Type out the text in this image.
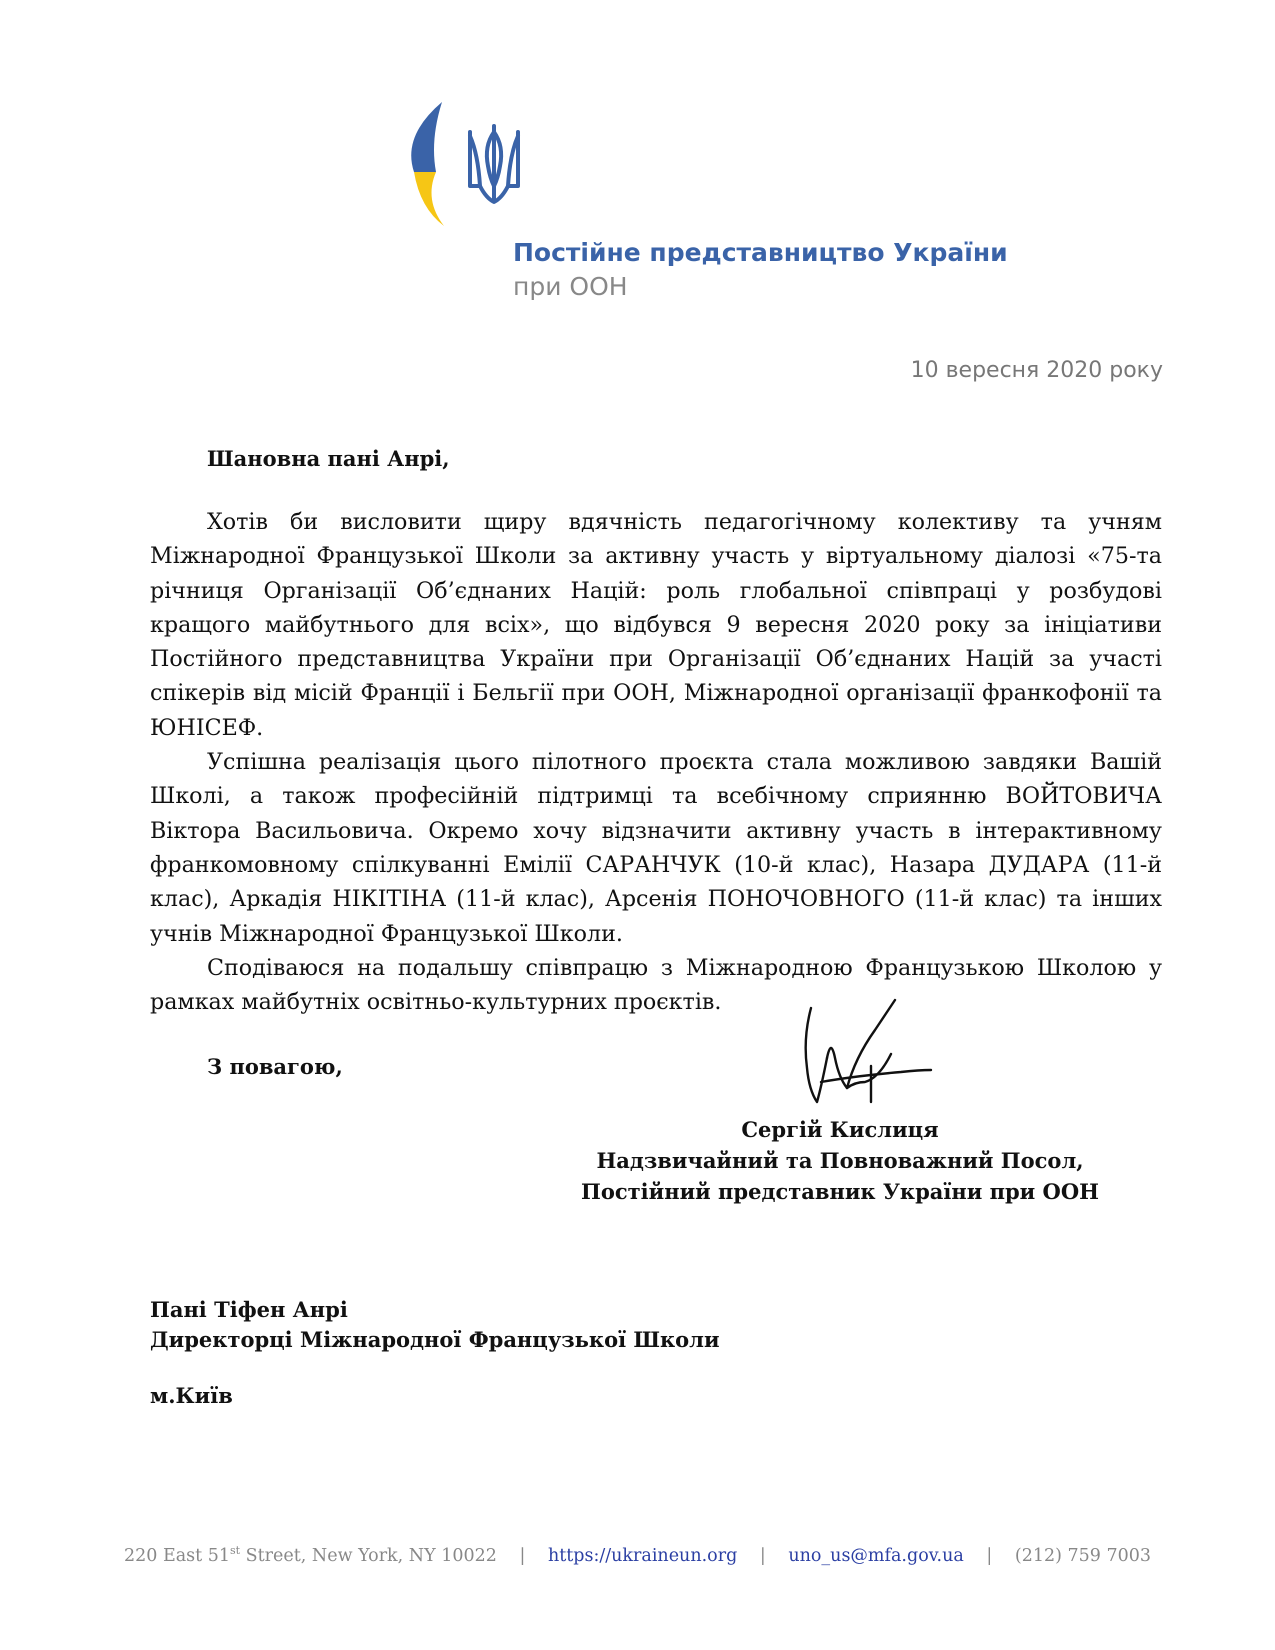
Постійне представництво України
при ООН
10 вересня 2020 року
Шановна пані Анрі,

Хотів би висловити щиру вдячність педагогічному колективу та учням Міжнародної Французької Школи за активну участь у віртуальному діалозі «75-та річниця Організації Об’єднаних Націй: роль глобальної співпраці у розбудові кращого майбутнього для всіх», що відбувся 9 вересня 2020 року за ініціативи Постійного представництва України при Організації Об’єднаних Націй за участі спікерів від місій Франції і Бельгії при ООН, Міжнародної організації франкофонії та ЮНІСЕФ.

Успішна реалізація цього пілотного проєкта стала можливою завдяки Вашій Школі, а також професійній підтримці та всебічному сприянню ВОЙТОВИЧА Віктора Васильовича. Окремо хочу відзначити активну участь в інтерактивному франкомовному спілкуванні Емілії САРАНЧУК (10-й клас), Назара ДУДАРА (11-й клас), Аркадія НІКІТІНА (11-й клас), Арсенія ПОНОЧОВНОГО (11-й клас) та інших учнів Міжнародної Французької Школи.

Сподіваюся на подальшу співпрацю з Міжнародною Французькою Школою у рамках майбутніх освітньо-культурних проєктів.

З повагою,
Сергій Кислиця
Надзвичайний та Повноважний Посол,
Постійний представник України при ООН
Пані Тіфен Анрі
Директорці Міжнародної Французької Школи
м.Київ
220 East 51st Street, New York, NY 10022 | https://ukraineun.org | uno_us@mfa.gov.ua | (212) 759 7003
